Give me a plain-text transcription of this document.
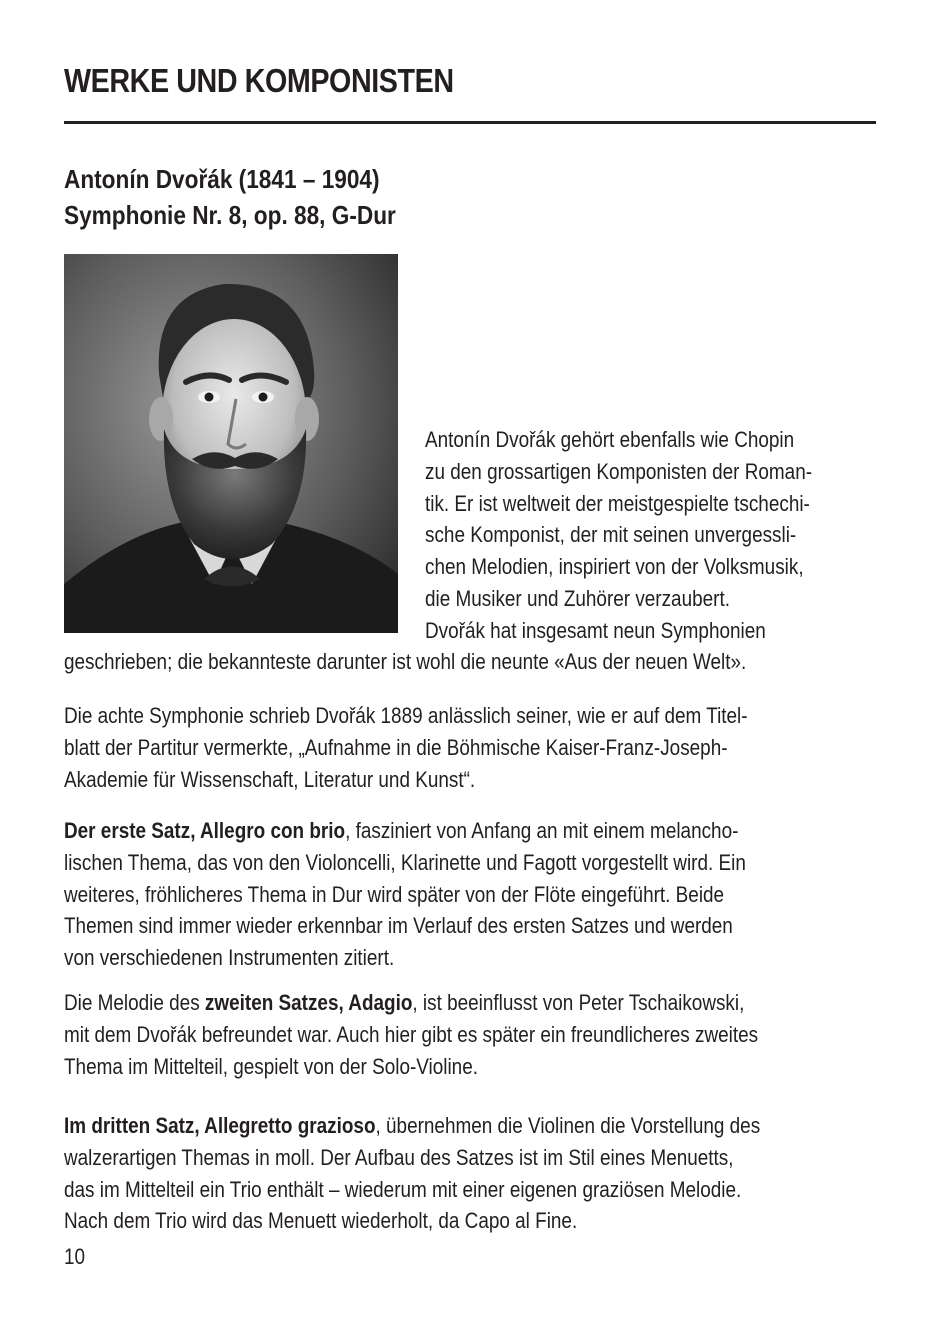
WERKE UND KOMPONISTEN
Antonín Dvořák (1841 – 1904)
Symphonie Nr. 8, op. 88, G-Dur
Antonín Dvořák gehört ebenfalls wie Chopin
zu den grossartigen Komponisten der Roman-
tik. Er ist weltweit der meistgespielte tschechi-
sche Komponist, der mit seinen unvergessli-
chen Melodien, inspiriert von der Volksmusik,
die Musiker und Zuhörer verzaubert.
Dvořák hat insgesamt neun Symphonien
geschrieben; die bekannteste darunter ist wohl die neunte «Aus der neuen Welt».
Die achte Symphonie schrieb Dvořák 1889 anlässlich seiner, wie er auf dem Titel-
blatt der Partitur vermerkte, „Aufnahme in die Böhmische Kaiser-Franz-Joseph-
Akademie für Wissenschaft, Literatur und Kunst“.
Der erste Satz, Allegro con brio, fasziniert von Anfang an mit einem melancho-
lischen Thema, das von den Violoncelli, Klarinette und Fagott vorgestellt wird. Ein
weiteres, fröhlicheres Thema in Dur wird später von der Flöte eingeführt. Beide
Themen sind immer wieder erkennbar im Verlauf des ersten Satzes und werden
von verschiedenen Instrumenten zitiert.
Die Melodie des zweiten Satzes, Adagio, ist beeinflusst von Peter Tschaikowski,
mit dem Dvořák befreundet war. Auch hier gibt es später ein freundlicheres zweites
Thema im Mittelteil, gespielt von der Solo-Violine.
Im dritten Satz, Allegretto grazioso, übernehmen die Violinen die Vorstellung des
walzerartigen Themas in moll. Der Aufbau des Satzes ist im Stil eines Menuetts,
das im Mittelteil ein Trio enthält – wiederum mit einer eigenen graziösen Melodie.
Nach dem Trio wird das Menuett wiederholt, da Capo al Fine.
10
